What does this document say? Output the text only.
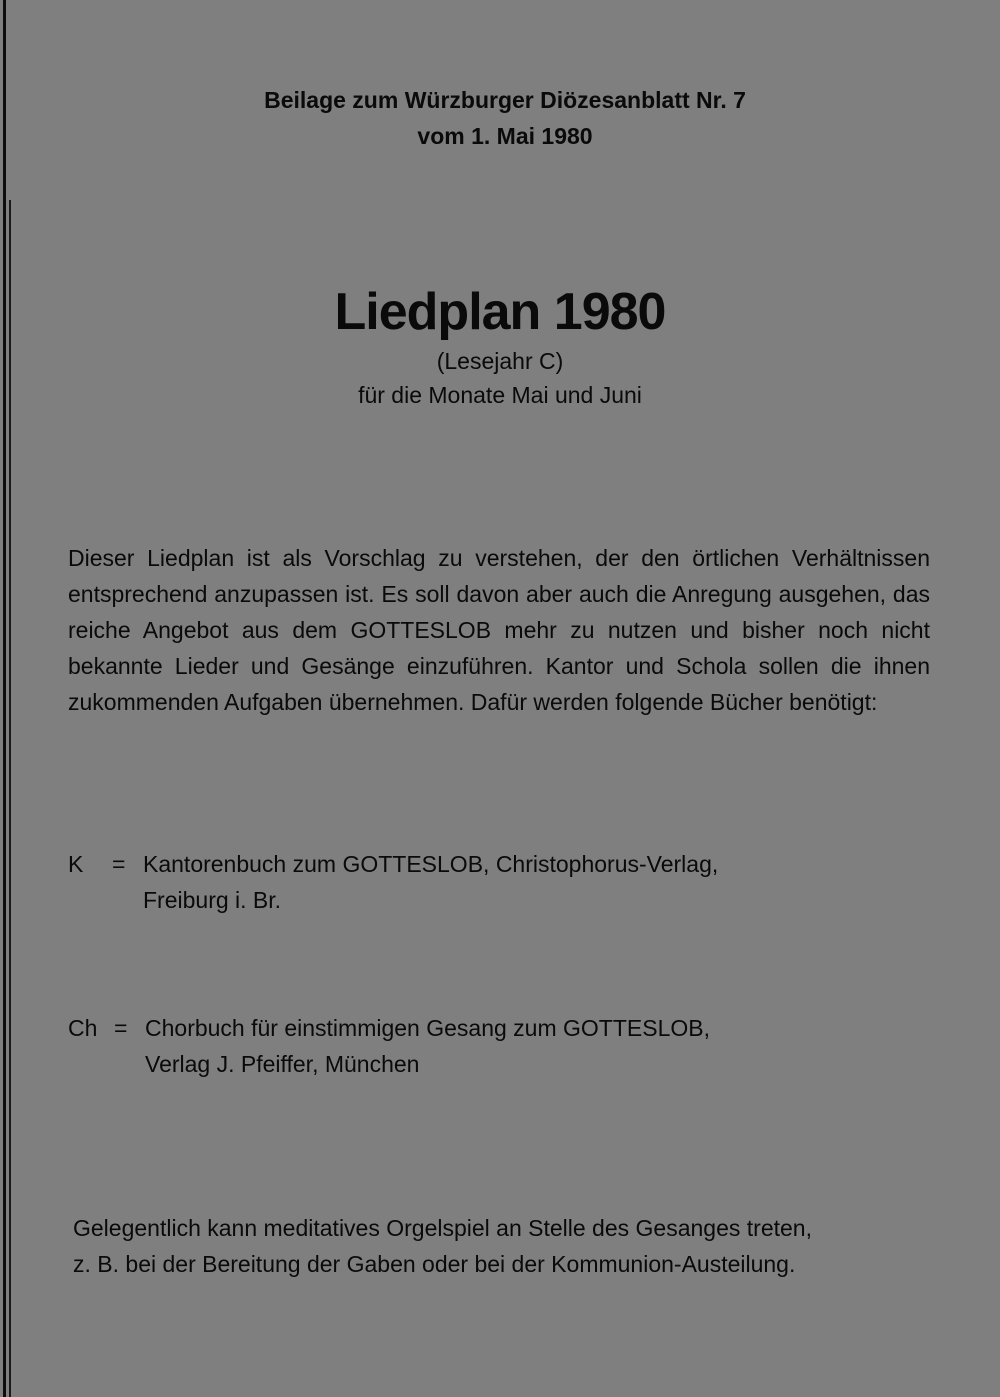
Beilage zum Würzburger Diözesanblatt Nr. 7
vom 1. Mai 1980
Liedplan 1980
(Lesejahr C)
für die Monate Mai und Juni

Dieser Liedplan ist als Vorschlag zu verstehen, der den örtlichen Verhältnissen entsprechend anzupassen ist. Es soll davon aber auch die Anregung ausgehen, das reiche Angebot aus dem GOTTESLOB mehr zu nutzen und bisher noch nicht bekannte Lieder und Gesänge einzuführen. Kantor und Schola sollen die ihnen zukommenden Aufgaben übernehmen. Dafür werden folgende Bücher benötigt:

K = Kantorenbuch zum GOTTESLOB, Christophorus-Verlag,
Freiburg i. Br.
Ch = Chorbuch für einstimmigen Gesang zum GOTTESLOB,
Verlag J. Pfeiffer, München
Gelegentlich kann meditatives Orgelspiel an Stelle des Gesanges treten,
z. B. bei der Bereitung der Gaben oder bei der Kommunion-Austeilung.
